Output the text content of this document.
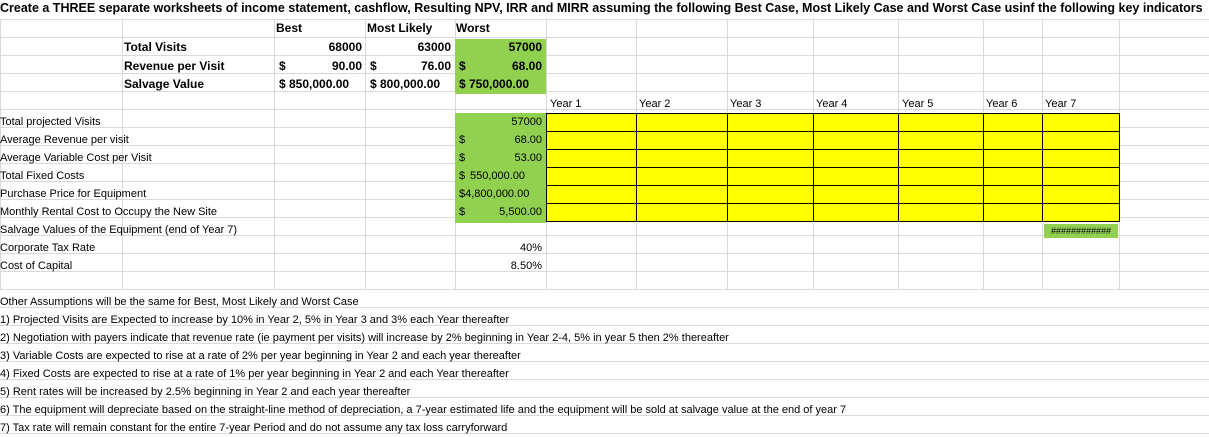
Create a THREE separate worksheets of income statement, cashflow, Resulting NPV, IRR and MIRR assuming the following Best Case, Most Likely Case and Worst Case usinf the following key indicators
Best	Most Likely Worst
Total Visits	68000	63000	57000
Revenue per Visit	$	90.00 $	76.00 $	68.00
Salvage Value	$ 850,000.00 $ 800,000.00 $ 750,000.00
Year 1	Year 2	Year 3	Year 4	Year 5	Year 6	Year 7
Total projected Visits	57000
Average Revenue per visit	$	68.00
Average Variable Cost per Visit	$	53.00
Total Fixed Costs	$ 550,000.00
Purchase Price for Equipment	$4,800,000.00
Monthly Rental Cost to Occupy the New Site	$	5,500.00
Salvage Values of the Equipment (end of Year 7)	############
Corporate Tax Rate	40%
Cost of Capital	8.50%
Other Assumptions will be the same for Best, Most Likely and Worst Case
1) Projected Visits are Expected to increase by 10% in Year 2, 5% in Year 3 and 3% each Year thereafter
2) Negotiation with payers indicate that revenue rate (ie payment per visits) will increase by 2% beginning in Year 2-4, 5% in year 5 then 2% thereafter
3) Variable Costs are expected to rise at a rate of 2% per year beginning in Year 2 and each year thereafter
4) Fixed Costs are expected to rise at a rate of 1% per year beginning in Year 2 and each Year thereafter
5) Rent rates will be increased by 2.5% beginning in Year 2 and each year thereafter
6) The equipment will depreciate based on the straight-line method of depreciation, a 7-year estimated life and the equipment will be sold at salvage value at the end of year 7
7) Tax rate will remain constant for the entire 7-year Period and do not assume any tax loss carryforward
